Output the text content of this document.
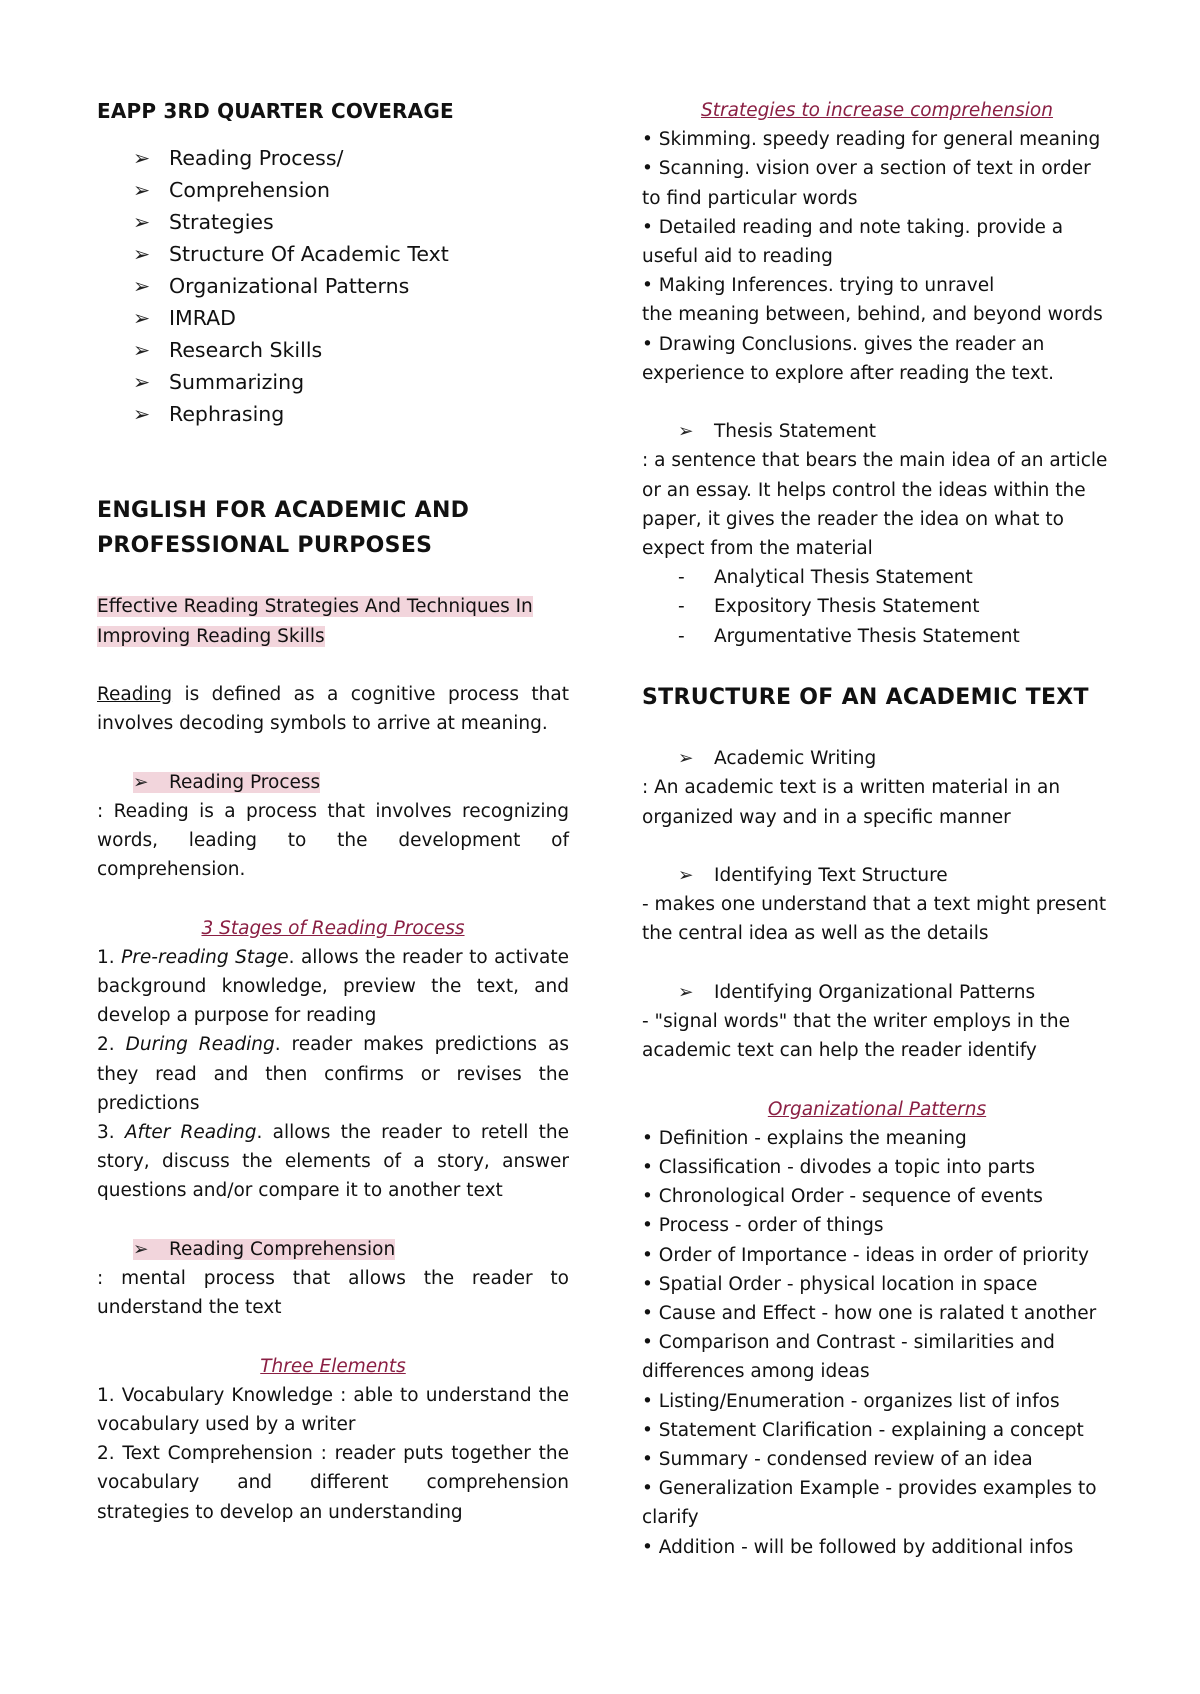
EAPP 3RD QUARTER COVERAGE
➢ Reading Process/
➢ Comprehension
➢ Strategies
➢ Structure Of Academic Text
➢ Organizational Patterns
➢ IMRAD
➢ Research Skills
➢ Summarizing
➢ Rephrasing
ENGLISH FOR ACADEMIC AND
PROFESSIONAL PURPOSES
Effective Reading Strategies And Techniques In
Improving Reading Skills
Reading is defined as a cognitive process that involves decoding symbols to arrive at meaning.
➢ Reading Process
: Reading is a process that involves recognizing words, leading to the development of comprehension.
3 Stages of Reading Process
1. Pre-reading Stage. allows the reader to activate background knowledge, preview the text, and develop a purpose for reading
2. During Reading. reader makes predictions as they read and then confirms or revises the predictions
3. After Reading. allows the reader to retell the story, discuss the elements of a story, answer questions and/or compare it to another text
➢ Reading Comprehension
: mental process that allows the reader to understand the text
Three Elements
1. Vocabulary Knowledge : able to understand the vocabulary used by a writer
2. Text Comprehension : reader puts together the vocabulary and different comprehension strategies to develop an understanding
Strategies to increase comprehension
• Skimming. speedy reading for general meaning
• Scanning. vision over a section of text in order to find particular words
• Detailed reading and note taking. provide a useful aid to reading
• Making Inferences. trying to unravel
the meaning between, behind, and beyond words
• Drawing Conclusions. gives the reader an experience to explore after reading the text.
➢ Thesis Statement
: a sentence that bears the main idea of an article or an essay. It helps control the ideas within the paper, it gives the reader the idea on what to expect from the material
- Analytical Thesis Statement
- Expository Thesis Statement
- Argumentative Thesis Statement
STRUCTURE OF AN ACADEMIC TEXT
➢ Academic Writing
: An academic text is a written material in an organized way and in a specific manner
➢ Identifying Text Structure
- makes one understand that a text might present the central idea as well as the details
➢ Identifying Organizational Patterns
- "signal words" that the writer employs in the academic text can help the reader identify
Organizational Patterns
• Definition - explains the meaning
• Classification - divodes a topic into parts
• Chronological Order - sequence of events
• Process - order of things
• Order of Importance - ideas in order of priority
• Spatial Order - physical location in space
• Cause and Effect - how one is ralated t another
• Comparison and Contrast - similarities and differences among ideas
• Listing/Enumeration - organizes list of infos
• Statement Clarification - explaining a concept
• Summary - condensed review of an idea
• Generalization Example - provides examples to clarify
• Addition - will be followed by additional infos
